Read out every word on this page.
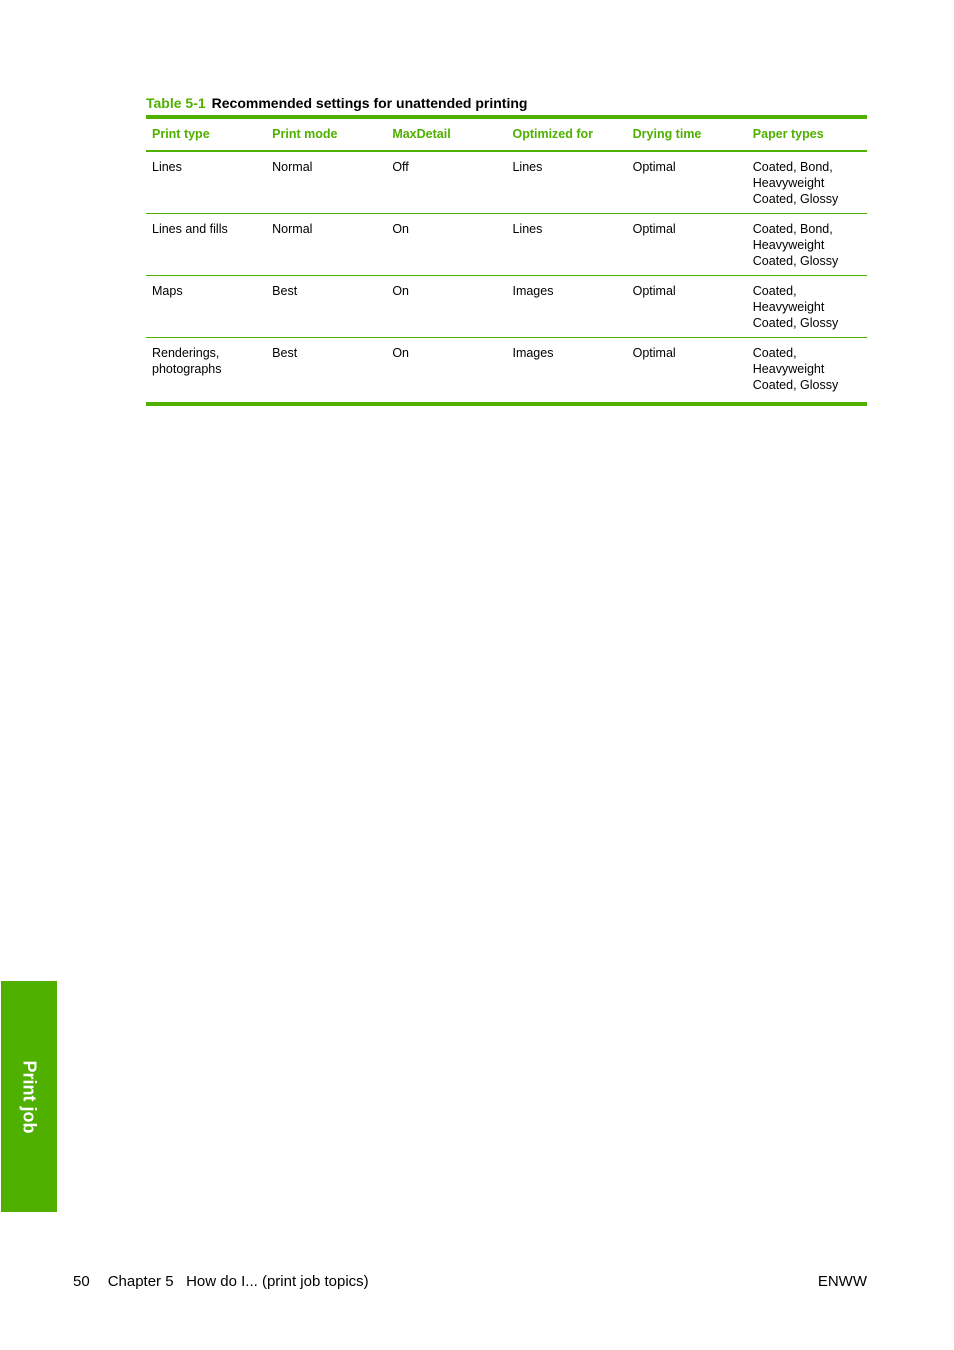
Table 5-1 Recommended settings for unattended printing
Print type	Print mode	MaxDetail	Optimized for	Drying time	Paper types
Lines	Normal	Off	Lines	Optimal	Coated, Bond, Heavyweight Coated, Glossy
Lines and fills	Normal	On	Lines	Optimal	Coated, Bond, Heavyweight Coated, Glossy
Maps	Best	On	Images	Optimal	Coated, Heavyweight Coated, Glossy
Renderings, photographs	Best	On	Images	Optimal	Coated, Heavyweight Coated, Glossy
Print job
50 Chapter 5 How do I... (print job topics)	ENWW
